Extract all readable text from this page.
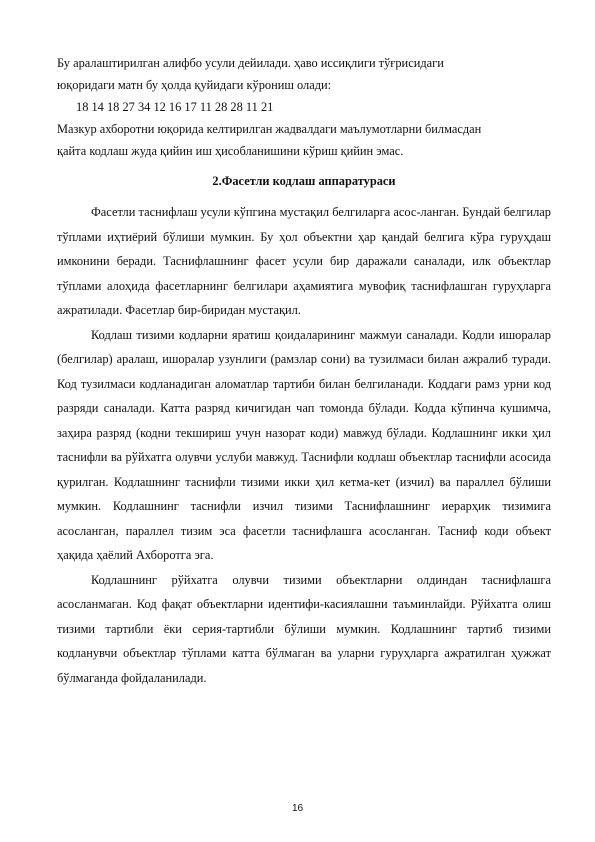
Бу аралаштирилган алифбо усули дейилади. ҳаво иссиқлиги тўғрисидаги

юқоридаги матн бу ҳолда қуйидаги кўрониш олади:

18 14 18 27 34 12 16 17 11 28 28 11 21

Мазкур ахборотни юқорида келтирилган жадвалдаги маълумотларни билмасдан

қайта кодлаш жуда қийин иш ҳисобланишини кўриш қийин эмас.

2.Фасетли кодлаш аппаратураси

Фасетли таснифлаш усули кўпгина мустақил белгиларга асос-ланган. Бундай белгилар тўплами иҳтиёрий бўлиши мумкин. Бу ҳол объектни ҳар қандай белгига кўра гуруҳдаш имконини беради. Таснифлашнинг фасет усули бир даражали саналади, илк объектлар тўплами алоҳида фасетларнинг белгилари аҳамиятига мувофиқ таснифлашган гуруҳларга ажратилади. Фасетлар бир-биридан мустақил.

Кодлаш тизими кодларни яратиш қоидаларининг мажмуи саналади. Кодли ишоралар (белгилар) аралаш, ишоралар узунлиги (рамзлар сони) ва тузилмаси билан ажралиб туради. Код тузилмаси кодланадиган аломатлар тартиби билан белгиланади. Коддаги рамз урни код разряди саналади. Катта разряд кичигидан чап томонда бўлади. Кодда кўпинча кушимча, заҳира разряд (кодни текшириш учун назорат коди) мавжуд бўлади. Кодлашнинг икки ҳил таснифли ва рўйхатга олувчи услуби мавжуд. Таснифли кодлаш объектлар таснифли асосида қурилган. Кодлашнинг таснифли тизими икки ҳил кетма-кет (изчил) ва параллел бўлиши мумкин. Кодлашнинг таснифли изчил тизими Таснифлашнинг иерарҳик тизимига асосланган, параллел тизим эса фасетли таснифлашга асосланган. Тасниф коди объект ҳақида ҳаёлий Ахборотга эга.

Кодлашнинг рўйхатга олувчи тизими объектларни олдиндан таснифлашга асосланмаган. Код фақат объектларни идентифи-касиялашни таъминлайди. Рўйхатга олиш тизими тартибли ёки серия-тартибли бўлиши мумкин. Кодлашнинг тартиб тизими кодланувчи объектлар тўплами катта бўлмаган ва уларни гуруҳларга ажратилган ҳужжат бўлмаганда фойдаланилади.

16
